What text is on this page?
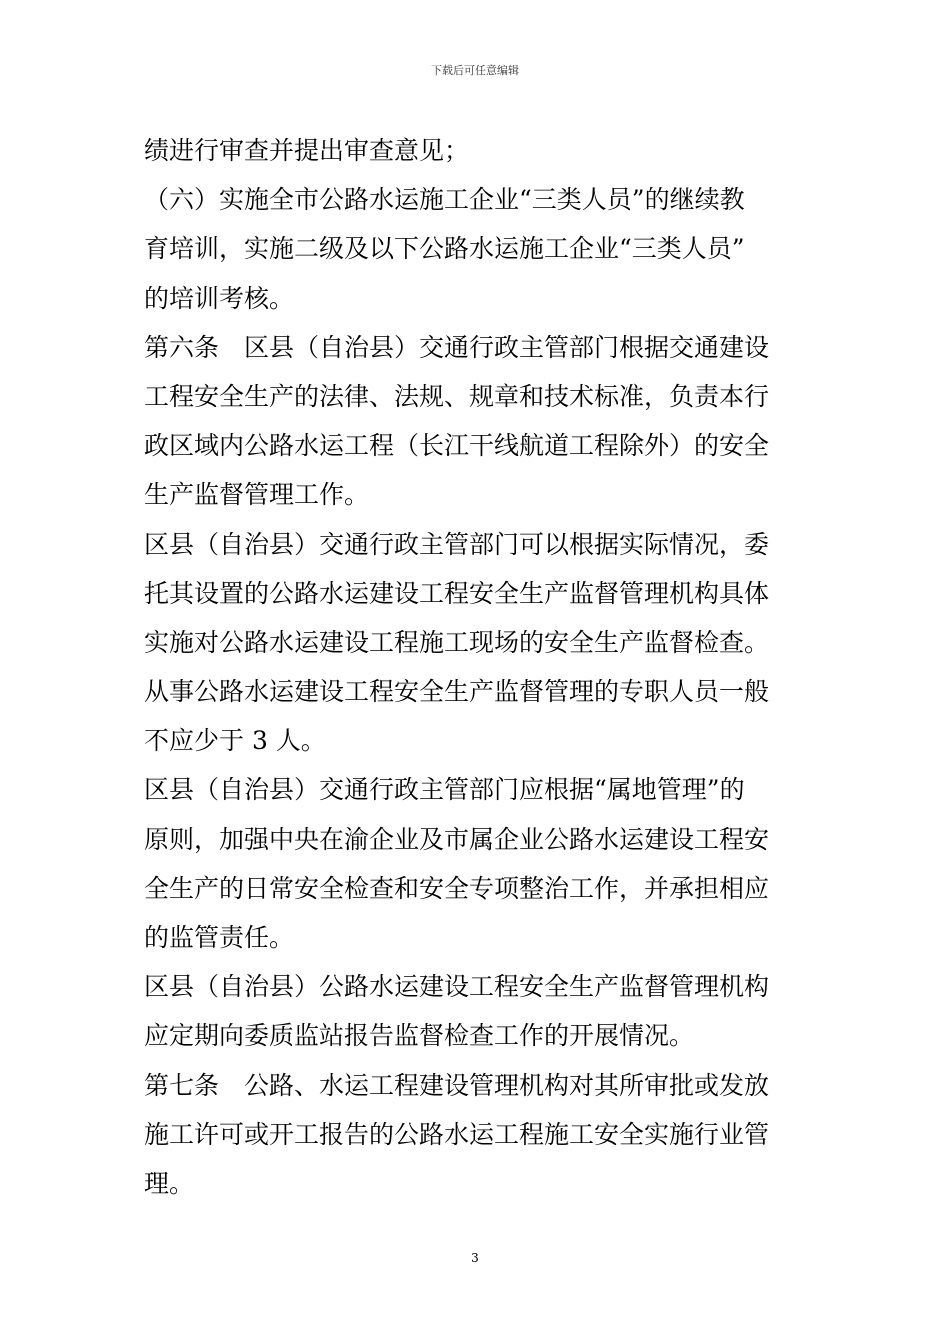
下载后可任意编辑
绩进行审查并提出审查意见；
（六）实施全市公路水运施工企业“三类人员”的继续教
育培训，实施二级及以下公路水运施工企业“三类人员”
的培训考核。
第六条　区县（自治县）交通行政主管部门根据交通建设
工程安全生产的法律、法规、规章和技术标准，负责本行
政区域内公路水运工程（长江干线航道工程除外）的安全
生产监督管理工作。
区县（自治县）交通行政主管部门可以根据实际情况，委
托其设置的公路水运建设工程安全生产监督管理机构具体
实施对公路水运建设工程施工现场的安全生产监督检查。
从事公路水运建设工程安全生产监督管理的专职人员一般
不应少于 3 人。
区县（自治县）交通行政主管部门应根据“属地管理”的
原则，加强中央在渝企业及市属企业公路水运建设工程安
全生产的日常安全检查和安全专项整治工作，并承担相应
的监管责任。
区县（自治县）公路水运建设工程安全生产监督管理机构
应定期向委质监站报告监督检查工作的开展情况。
第七条　公路、水运工程建设管理机构对其所审批或发放
施工许可或开工报告的公路水运工程施工安全实施行业管
理。
3
